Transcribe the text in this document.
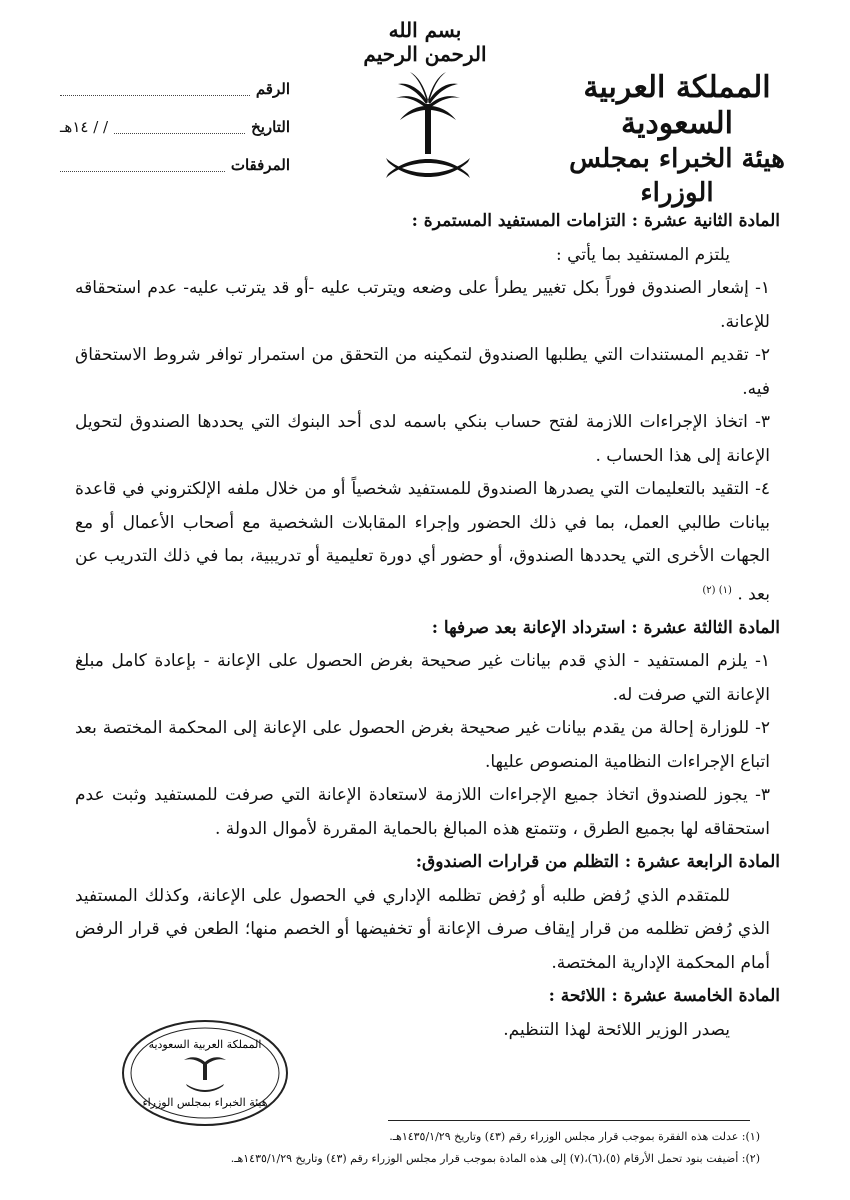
بسم الله الرحمن الرحيم
المملكة العربية السعودية
هيئة الخبراء بمجلس الوزراء
الرقم
التاريخ
/ / ١٤هـ
المرفقات
المادة الثانية عشرة : التزامات المستفيد المستمرة :
يلتزم المستفيد بما يأتي :
١- إشعار الصندوق فوراً بكل تغيير يطرأ على وضعه ويترتب عليه -أو قد يترتب عليه- عدم استحقاقه للإعانة.
٢- تقديم المستندات التي يطلبها الصندوق لتمكينه من التحقق من استمرار توافر شروط الاستحقاق فيه.
٣- اتخاذ الإجراءات اللازمة لفتح حساب بنكي باسمه لدى أحد البنوك التي يحددها الصندوق لتحويل الإعانة إلى هذا الحساب .
٤- التقيد بالتعليمات التي يصدرها الصندوق للمستفيد شخصياً أو من خلال ملفه الإلكتروني في قاعدة بيانات طالبي العمل، بما في ذلك الحضور وإجراء المقابلات الشخصية مع أصحاب الأعمال أو مع الجهات الأخرى التي يحددها الصندوق، أو حضور أي دورة تعليمية أو تدريبية، بما في ذلك التدريب عن بعد . $^{(١) (٢)}$
المادة الثالثة عشرة : استرداد الإعانة بعد صرفها :
١- يلزم المستفيد - الذي قدم بيانات غير صحيحة بغرض الحصول على الإعانة - بإعادة كامل مبلغ الإعانة التي صرفت له.
٢- للوزارة إحالة من يقدم بيانات غير صحيحة بغرض الحصول على الإعانة إلى المحكمة المختصة بعد اتباع الإجراءات النظامية المنصوص عليها.
٣- يجوز للصندوق اتخاذ جميع الإجراءات اللازمة لاستعادة الإعانة التي صرفت للمستفيد وثبت عدم استحقاقه لها بجميع الطرق ، وتتمتع هذه المبالغ بالحماية المقررة لأموال الدولة .
المادة الرابعة عشرة : التظلم من قرارات الصندوق:
للمتقدم الذي رُفض طلبه أو رُفض تظلمه الإداري في الحصول على الإعانة، وكذلك المستفيد الذي رُفض تظلمه من قرار إيقاف صرف الإعانة أو تخفيضها أو الخصم منها؛ الطعن في قرار الرفض أمام المحكمة الإدارية المختصة.
المادة الخامسة عشرة : اللائحة :
يصدر الوزير اللائحة لهذا التنظيم.
المملكة العربية السعودية
هيئة الخبراء بمجلس الوزراء
(١): عدلت هذه الفقرة بموجب قرار مجلس الوزراء رقم (٤٣) وتاريخ ١٤٣٥/١/٢٩هـ.
(٢): أضيفت بنود تحمل الأرقام (٥)،(٦)،(٧) إلى هذه المادة بموجب قرار مجلس الوزراء رقم (٤٣) وتاريخ ١٤٣٥/١/٢٩هـ.
